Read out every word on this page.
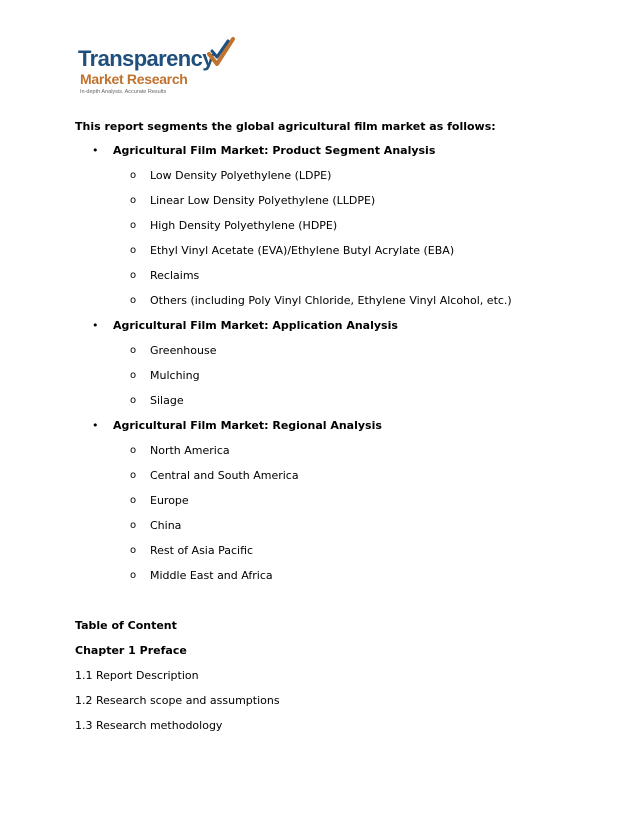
Transparency
Market Research
In-depth Analysis. Accurate Results
This report segments the global agricultural film market as follows:
• Agricultural Film Market: Product Segment Analysis
o Low Density Polyethylene (LDPE)
o Linear Low Density Polyethylene (LLDPE)
o High Density Polyethylene (HDPE)
o Ethyl Vinyl Acetate (EVA)/Ethylene Butyl Acrylate (EBA)
o Reclaims
o Others (including Poly Vinyl Chloride, Ethylene Vinyl Alcohol, etc.)
• Agricultural Film Market: Application Analysis
o Greenhouse
o Mulching
o Silage
• Agricultural Film Market: Regional Analysis
o North America
o Central and South America
o Europe
o China
o Rest of Asia Pacific
o Middle East and Africa
Table of Content
Chapter 1 Preface
1.1 Report Description
1.2 Research scope and assumptions
1.3 Research methodology
